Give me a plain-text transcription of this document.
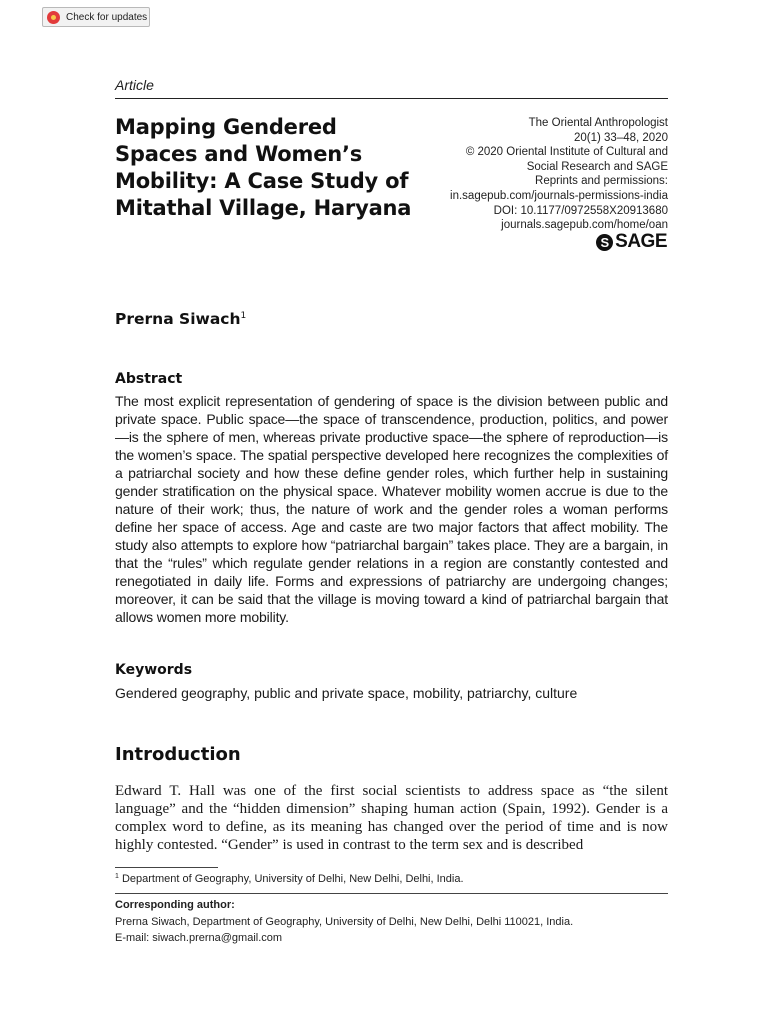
Check for updates
Article
Mapping Gendered Spaces and Women’s Mobility: A Case Study of Mitathal Village, Haryana
The Oriental Anthropologist
20(1) 33–48, 2020
© 2020 Oriental Institute of Cultural and
Social Research and SAGE
Reprints and permissions:
in.sagepub.com/journals-permissions-india
DOI: 10.1177/0972558X20913680
journals.sagepub.com/home/oan
S SAGE
Prerna Siwach$^1$
Abstract

The most explicit representation of gendering of space is the division between public and private space. Public space—the space of transcendence, production, politics, and power—is the sphere of men, whereas private productive space—the sphere of reproduction—is the women’s space. The spatial perspective developed here recognizes the complexities of a patriarchal society and how these define gender roles, which further help in sustaining gender stratification on the physical space. Whatever mobility women accrue is due to the nature of their work; thus, the nature of work and the gender roles a woman performs define her space of access. Age and caste are two major factors that affect mobility. The study also attempts to explore how “patriarchal bargain” takes place. They are a bargain, in that the “rules” which regulate gender relations in a region are constantly contested and renegotiated in daily life. Forms and expressions of patriarchy are undergoing changes; moreover, it can be said that the village is moving toward a kind of patriarchal bargain that allows women more mobility.

Keywords

Gendered geography, public and private space, mobility, patriarchy, culture

Introduction

Edward T. Hall was one of the first social scientists to address space as “the silent language” and the “hidden dimension” shaping human action (Spain, 1992). Gender is a complex word to define, as its meaning has changed over the period of time and is now highly contested. “Gender” is used in contrast to the term sex and is described

$^1$ Department of Geography, University of Delhi, New Delhi, Delhi, India.
Corresponding author:
Prerna Siwach, Department of Geography, University of Delhi, New Delhi, Delhi 110021, India.
E-mail: siwach.prerna@gmail.com
